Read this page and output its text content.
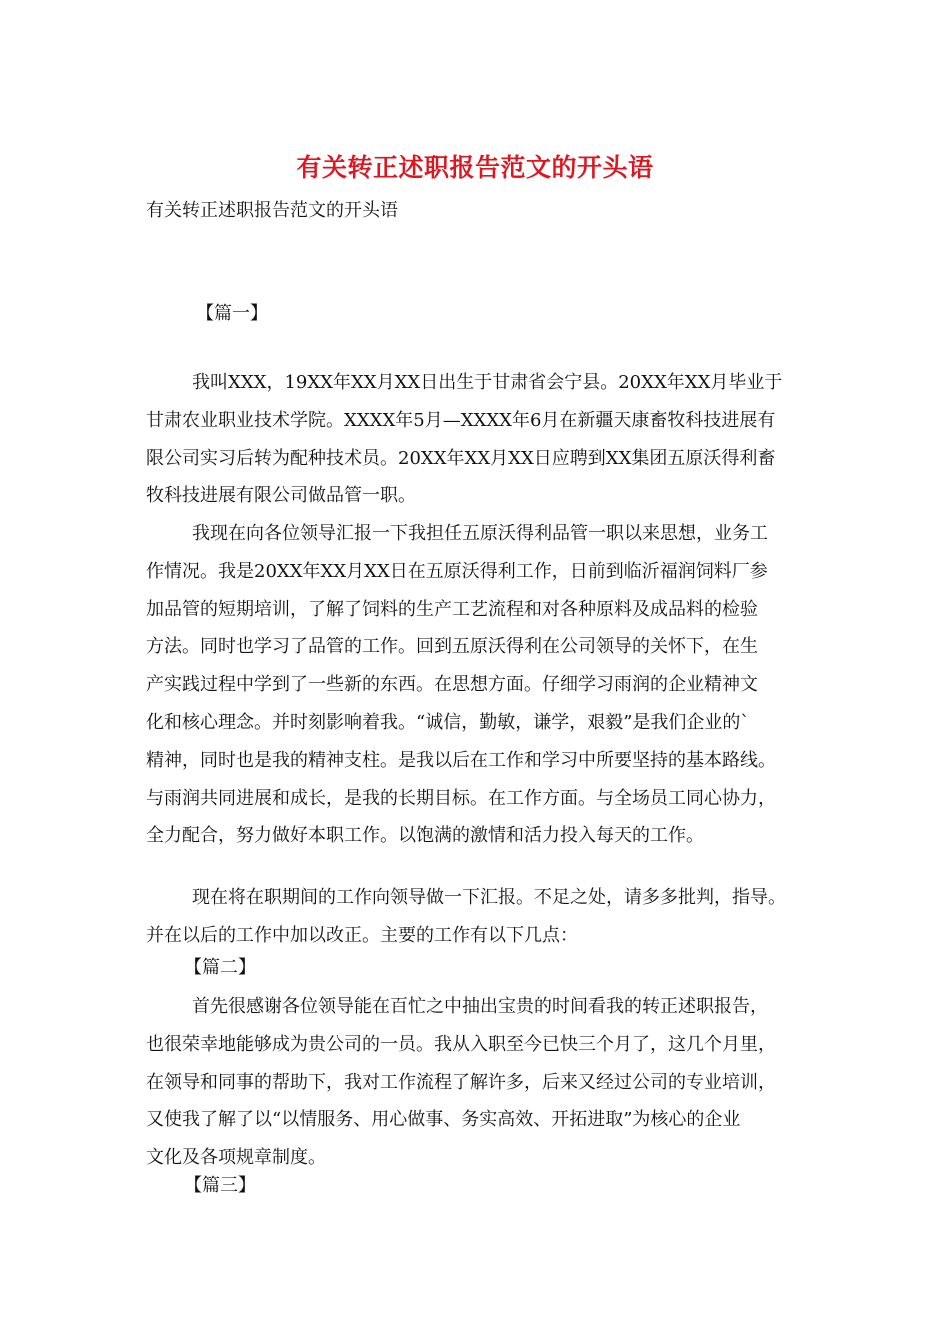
有关转正述职报告范文的开头语
有关转正述职报告范文的开头语
【篇一】
我叫XXX，19XX年XX月XX日出生于甘肃省会宁县。20XX年XX月毕业于
甘肃农业职业技术学院。XXXX年5月—XXXX年6月在新疆天康畜牧科技进展有
限公司实习后转为配种技术员。20XX年XX月XX日应聘到XX集团五原沃得利畜
牧科技进展有限公司做品管一职。
我现在向各位领导汇报一下我担任五原沃得利品管一职以来思想，业务工
作情况。我是20XX年XX月XX日在五原沃得利工作，日前到临沂福润饲料厂参
加品管的短期培训，了解了饲料的生产工艺流程和对各种原料及成品料的检验
方法。同时也学习了品管的工作。回到五原沃得利在公司领导的关怀下，在生
产实践过程中学到了一些新的东西。在思想方面。仔细学习雨润的企业精神文
化和核心理念。并时刻影响着我。“诚信，勤敏，谦学，艰毅”是我们企业的`
精神，同时也是我的精神支柱。是我以后在工作和学习中所要坚持的基本路线。
与雨润共同进展和成长，是我的长期目标。在工作方面。与全场员工同心协力，
全力配合，努力做好本职工作。以饱满的激情和活力投入每天的工作。
现在将在职期间的工作向领导做一下汇报。不足之处，请多多批判，指导。
并在以后的工作中加以改正。主要的工作有以下几点：
【篇二】
首先很感谢各位领导能在百忙之中抽出宝贵的时间看我的转正述职报告，
也很荣幸地能够成为贵公司的一员。我从入职至今已快三个月了，这几个月里，
在领导和同事的帮助下，我对工作流程了解许多，后来又经过公司的专业培训，
又使我了解了以“以情服务、用心做事、务实高效、开拓进取”为核心的企业
文化及各项规章制度。
【篇三】
